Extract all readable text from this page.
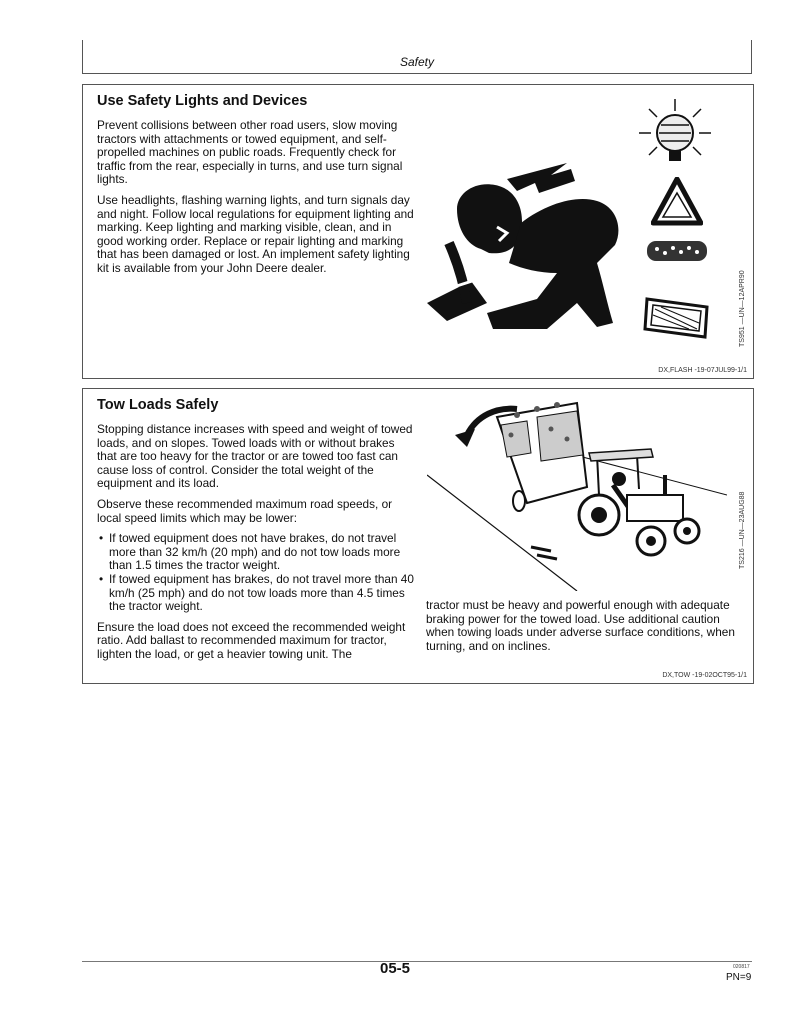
Safety
Use Safety Lights and Devices

Prevent collisions between other road users, slow moving tractors with attachments or towed equipment, and self-propelled machines on public roads. Frequently check for traffic from the rear, especially in turns, and use turn signal lights.

Use headlights, flashing warning lights, and turn signals day and night. Follow local regulations for equipment lighting and marking. Keep lighting and marking visible, clean, and in good working order. Replace or repair lighting and marking that has been damaged or lost. An implement safety lighting kit is available from your John Deere dealer.

TS951 —UN—12APR90
DX,FLASH -19-07JUL99-1/1
Tow Loads Safely

Stopping distance increases with speed and weight of towed loads, and on slopes. Towed loads with or without brakes that are too heavy for the tractor or are towed too fast can cause loss of control. Consider the total weight of the equipment and its load.

Observe these recommended maximum road speeds, or local speed limits which may be lower:

• If towed equipment does not have brakes, do not travel more than 32 km/h (20 mph) and do not tow loads more than 1.5 times the tractor weight.
• If towed equipment has brakes, do not travel more than 40 km/h (25 mph) and do not tow loads more than 4.5 times the tractor weight.

Ensure the load does not exceed the recommended weight ratio. Add ballast to recommended maximum for tractor, lighten the load, or get a heavier towing unit. The

tractor must be heavy and powerful enough with adequate braking power for the towed load. Use additional caution when towing loads under adverse surface conditions, when turning, and on inclines.
TS216 —UN—23AUG88
DX,TOW -19-02OCT95-1/1
05-5	020817
PN=9
